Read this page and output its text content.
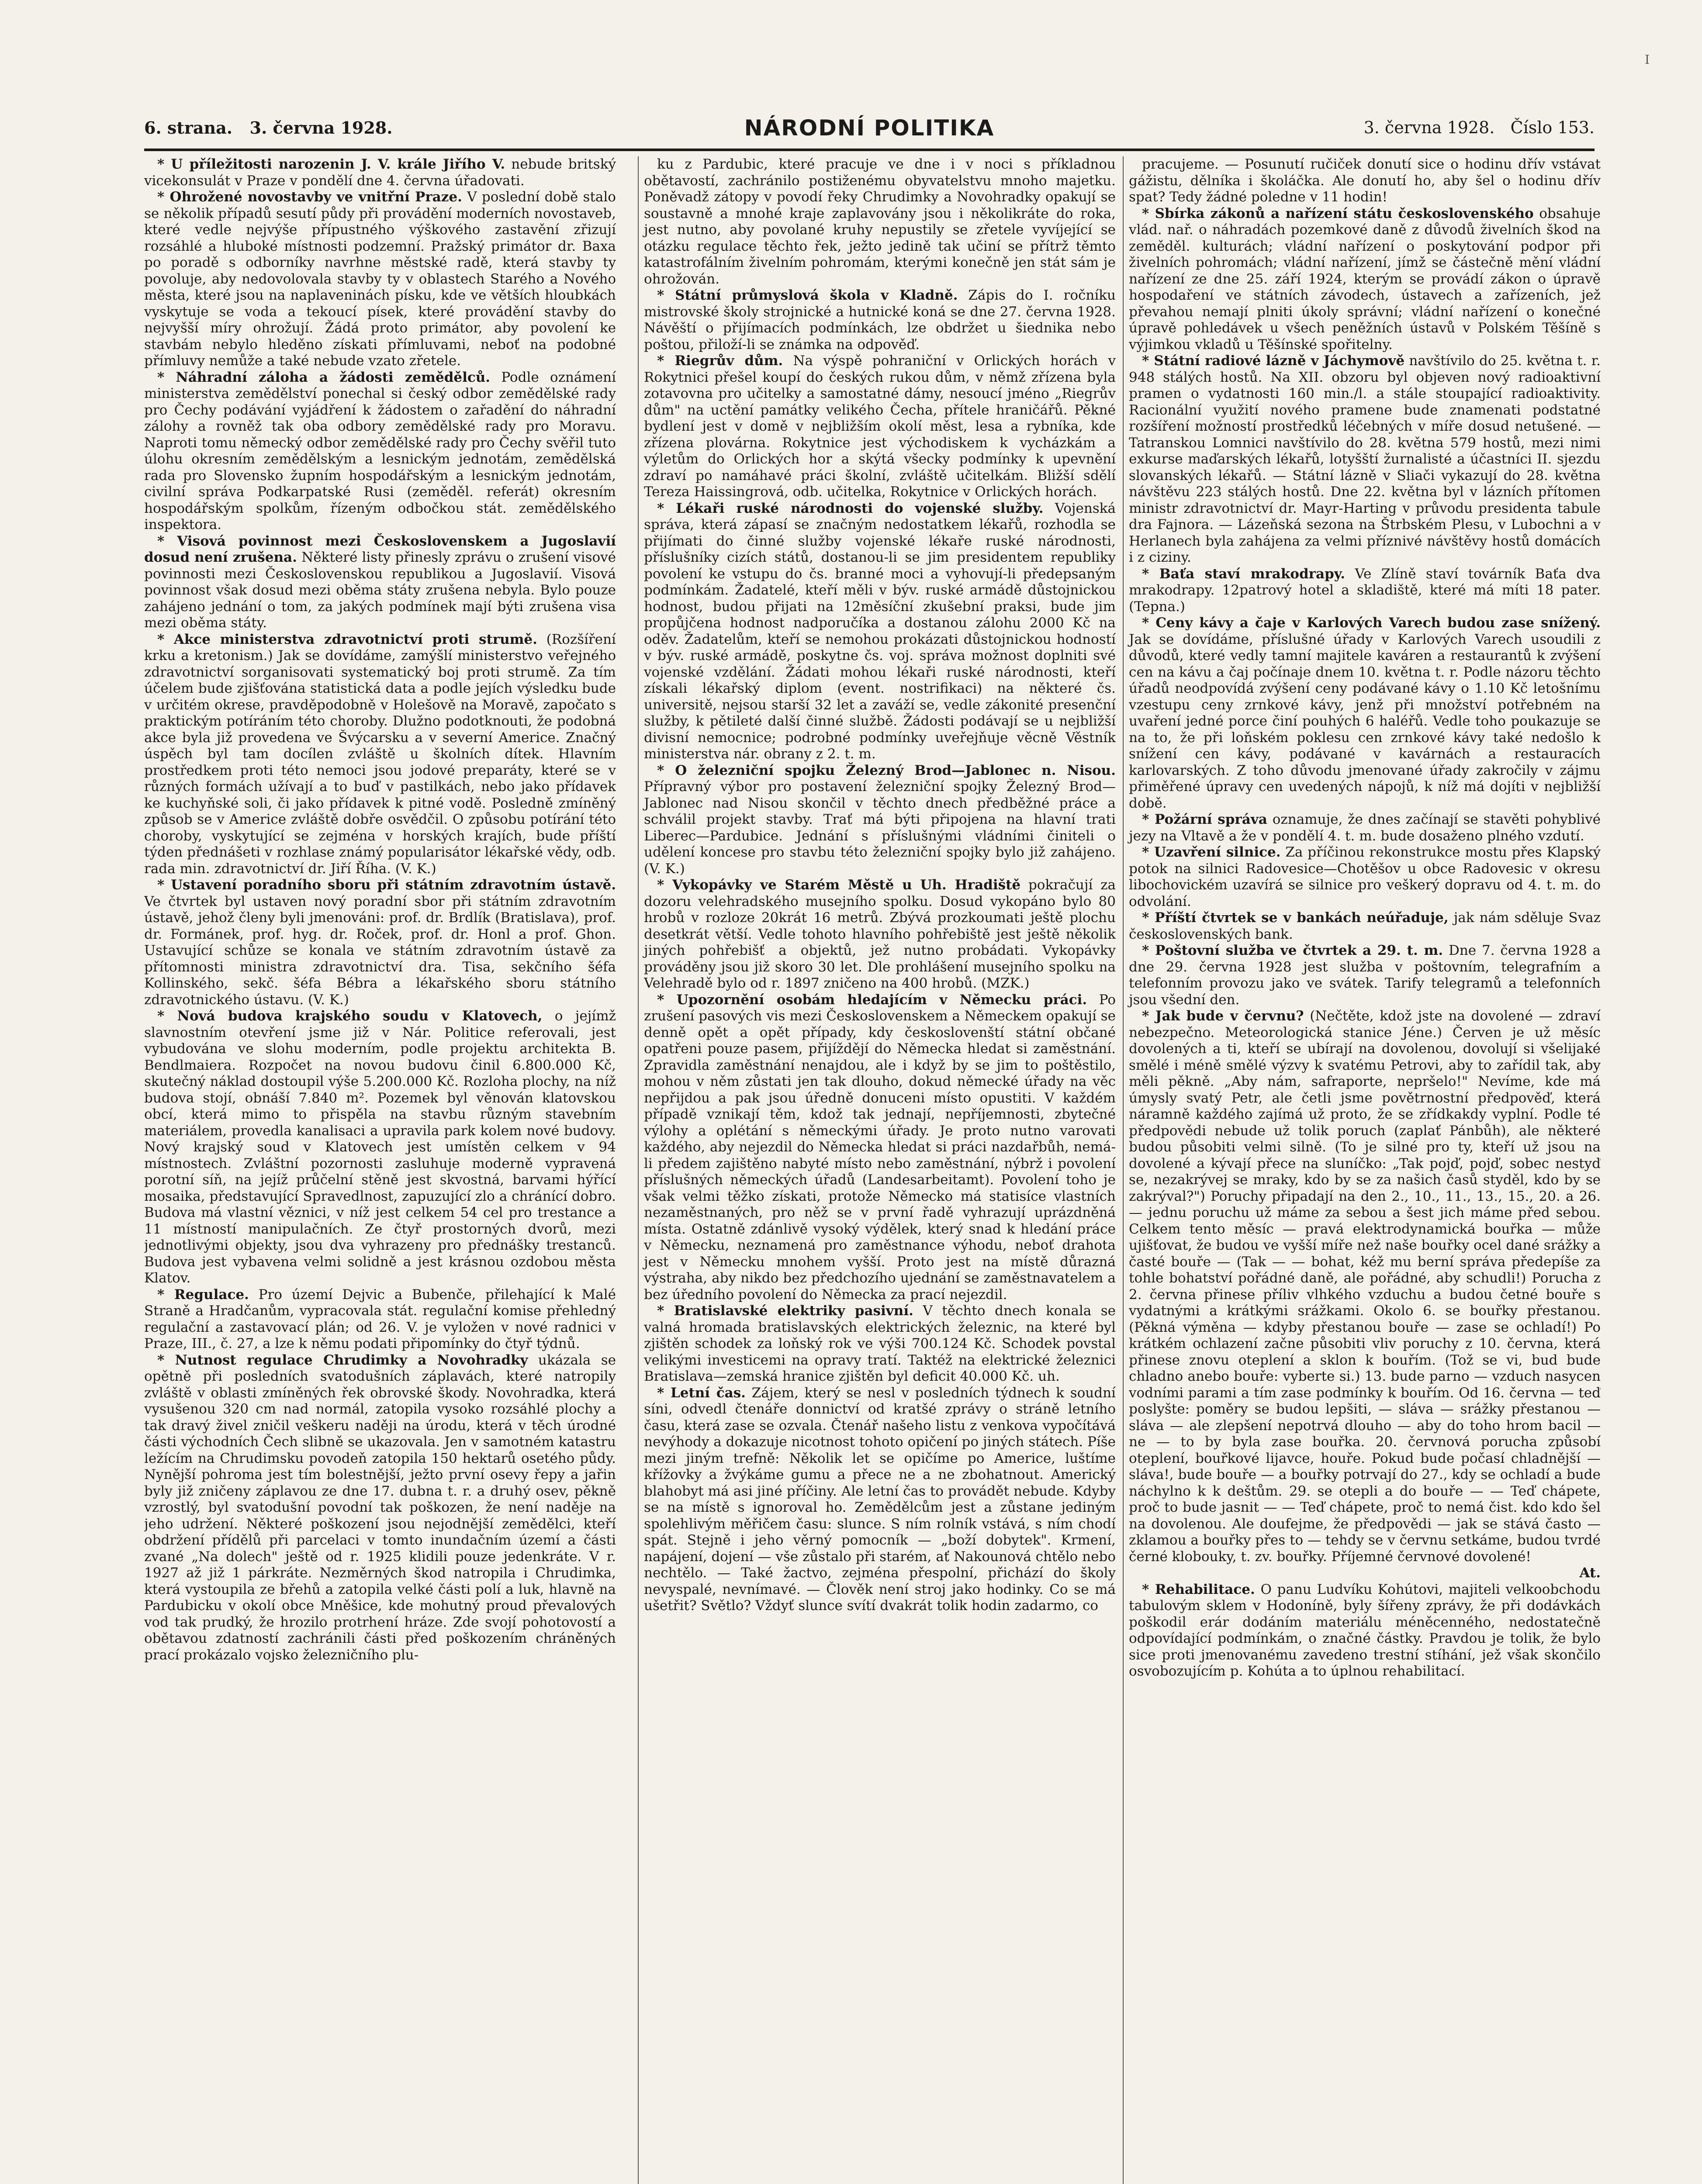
I
6. strana.   3. června 1928.	NÁRODNÍ POLITIKA	3. června 1928.   Číslo 153.

* U příležitosti narozenin J. V. krále Jiřího V. nebude britský vicekonsulát v Praze v pondělí dne 4. června úřadovati.

* Ohrožené novostavby ve vnitřní Praze. V poslední době stalo se několik případů sesutí půdy při provádění moderních novostaveb, které vedle nejvýše přípustného výškového zastavění zřizují rozsáhlé a hluboké místnosti podzemní. Pražský primátor dr. Baxa po poradě s odborníky navrhne městské radě, která stavby ty povoluje, aby nedovolovala stavby ty v oblastech Starého a Nového města, které jsou na naplaveninách písku, kde ve větších hloubkách vyskytuje se voda a tekoucí písek, které provádění stavby do nejvyšší míry ohrožují. Žádá proto primátor, aby povolení ke stavbám nebylo hleděno získati přímluvami, neboť na podobné přímluvy nemůže a také nebude vzato zřetele.

* Náhradní záloha a žádosti zemědělců. Podle oznámení ministerstva zemědělství ponechal si český odbor zemědělské rady pro Čechy podávání vyjádření k žádostem o zařadění do náhradní zálohy a rovněž tak oba odbory zemědělské rady pro Moravu. Naproti tomu německý odbor zemědělské rady pro Čechy svěřil tuto úlohu okresním zemědělským a lesnickým jednotám, zemědělská rada pro Slovensko župním hospodářským a lesnickým jednotám, civilní správa Podkarpatské Rusi (zeměděl. referát) okresním hospodářským spolkům, řízeným odbočkou stát. zemědělského inspektora.

* Visová povinnost mezi Československem a Jugoslavií dosud není zrušena. Některé listy přinesly zprávu o zrušení visové povinnosti mezi Československou republikou a Jugoslavií. Visová povinnost však dosud mezi oběma státy zrušena nebyla. Bylo pouze zahájeno jednání o tom, za jakých podmínek mají býti zrušena visa mezi oběma státy.

* Akce ministerstva zdravotnictví proti strumě. (Rozšíření krku a kretonism.) Jak se dovídáme, zamýšlí ministerstvo veřejného zdravotnictví sorganisovati systematický boj proti strumě. Za tím účelem bude zjišťována statistická data a podle jejích výsledku bude v určitém okrese, pravděpodobně v Holešově na Moravě, započato s praktickým potíráním této choroby. Dlužno podotknouti, že podobná akce byla již provedena ve Švýcarsku a v severní Americe. Značný úspěch byl tam docílen zvláště u školních dítek. Hlavním prostředkem proti této nemoci jsou jodové preparáty, které se v různých formách užívají a to buď v pastilkách, nebo jako přídavek ke kuchyňské soli, či jako přídavek k pitné vodě. Posledně zmíněný způsob se v Americe zvláště dobře osvědčil. O způsobu potírání této choroby, vyskytující se zejména v horských krajích, bude příští týden přednášeti v rozhlase známý popularisátor lékařské vědy, odb. rada min. zdravotnictví dr. Jiří Říha. (V. K.)

* Ustavení poradního sboru při státním zdravotním ústavě. Ve čtvrtek byl ustaven nový poradní sbor při státním zdravotním ústavě, jehož členy byli jmenováni: prof. dr. Brdlík (Bratislava), prof. dr. Formánek, prof. hyg. dr. Roček, prof. dr. Honl a prof. Ghon. Ustavující schůze se konala ve státním zdravotním ústavě za přítomnosti ministra zdravotnictví dra. Tisa, sekčního šéfa Kollinského, sekč. šéfa Bébra a lékařského sboru státního zdravotnického ústavu. (V. K.)

* Nová budova krajského soudu v Klatovech, o jejímž slavnostním otevření jsme již v Nár. Politice referovali, jest vybudována ve slohu moderním, podle projektu architekta B. Bendlmaiera. Rozpočet na novou budovu činil 6.800.000 Kč, skutečný náklad dostoupil výše 5.200.000 Kč. Rozloha plochy, na níž budova stojí, obnáší 7.840 m². Pozemek byl věnován klatovskou obcí, která mimo to přispěla na stavbu různým stavebním materiálem, provedla kanalisaci a upravila park kolem nové budovy. Nový krajský soud v Klatovech jest umístěn celkem v 94 místnostech. Zvláštní pozornosti zasluhuje moderně vypravená porotní síň, na jejíž průčelní stěně jest skvostná, barvami hýřící mosaika, představující Spravedlnost, zapuzující zlo a chránící dobro. Budova má vlastní věznici, v níž jest celkem 54 cel pro trestance a 11 místností manipulačních. Ze čtyř prostorných dvorů, mezi jednotlivými objekty, jsou dva vyhrazeny pro přednášky trestanců. Budova jest vybavena velmi solidně a jest krásnou ozdobou města Klatov.

* Regulace. Pro území Dejvic a Bubenče, přilehající k Malé Straně a Hradčanům, vypracovala stát. regulační komise přehledný regulační a zastavovací plán; od 26. V. je vyložen v nové radnici v Praze, III., č. 27, a lze k němu podati připomínky do čtyř týdnů.

* Nutnost regulace Chrudimky a Novohradky ukázala se opětně při posledních svatodušních záplavách, které natropily zvláště v oblasti zmíněných řek obrovské škody. Novohradka, která vysušenou 320 cm nad normál, zatopila vysoko rozsáhlé plochy a tak dravý živel zničil veškeru naději na úrodu, která v těch úrodné části východních Čech slibně se ukazovala. Jen v samotném katastru ležícím na Chrudimsku povodeň zatopila 150 hektarů osetého půdy. Nynější pohroma jest tím bolestnější, ježto první osevy řepy a jařin byly již zničeny záplavou ze dne 17. dubna t. r. a druhý osev, pěkně vzrostlý, byl svatodušní povodní tak poškozen, že není naděje na jeho udržení. Některé poškození jsou nejodnější zemědělci, kteří obdržení přídělů při parcelaci v tomto inundačním území a části zvané „Na dolech" ještě od r. 1925 klidili pouze jedenkráte. V r. 1927 až již 1 párkráte. Nezměrných škod natropila i Chrudimka, která vystoupila ze břehů a zatopila velké části polí a luk, hlavně na Pardubicku v okolí obce Mněšice, kde mohutný proud převalových vod tak prudký, že hrozilo protrhení hráze. Zde svojí pohotovostí a obětavou zdatností zachránili části před poškozením chráněných prací prokázalo vojsko železničního plu-

ku z Pardubic, které pracuje ve dne i v noci s příkladnou obětavostí, zachránilo postiženému obyvatelstvu mnoho majetku. Poněvadž zátopy v povodí řeky Chrudimky a Novohradky opakují se soustavně a mnohé kraje zaplavovány jsou i několikráte do roka, jest nutno, aby povolané kruhy nepustily se zřetele vyvíjející se otázku regulace těchto řek, ježto jedině tak učiní se přítrž těmto katastrofálním živelním pohromám, kterými konečně jen stát sám je ohrožován.

* Státní průmyslová škola v Kladně. Zápis do I. ročníku mistrovské školy strojnické a hutnické koná se dne 27. června 1928. Návěští o přijímacích podmínkách, lze obdržet u šiednika nebo poštou, přiloží-li se známka na odpověď.

* Riegrův dům. Na výspě pohraniční v Orlických horách v Rokytnici přešel koupí do českých rukou dům, v němž zřízena byla zotavovna pro učitelky a samostatné dámy, nesoucí jméno „Riegrův dům" na uctění památky velikého Čecha, přítele hraničářů. Pěkné bydlení jest v domě v nejbližším okolí měst, lesa a rybníka, kde zřízena plovárna. Rokytnice jest východiskem k vycházkám a výletům do Orlických hor a skýtá všecky podmínky k upevnění zdraví po namáhavé práci školní, zvláště učitelkám. Bližší sdělí Tereza Haissingrová, odb. učitelka, Rokytnice v Orlických horách.

* Lékaři ruské národnosti do vojenské služby. Vojenská správa, která zápasí se značným nedostatkem lékařů, rozhodla se přijímati do činné služby vojenské lékaře ruské národnosti, příslušníky cizích států, dostanou-li se jim presidentem republiky povolení ke vstupu do čs. branné moci a vyhovují-li předepsaným podmínkám. Žadatelé, kteří měli v býv. ruské armádě důstojnickou hodnost, budou přijati na 12měsíční zkušební praksi, bude jim propůjčena hodnost nadporučíka a dostanou zálohu 2000 Kč na oděv. Žadatelům, kteří se nemohou prokázati důstojnickou hodností v býv. ruské armádě, poskytne čs. voj. správa možnost doplniti své vojenské vzdělání. Žádati mohou lékaři ruské národnosti, kteří získali lékařský diplom (event. nostrifikaci) na některé čs. universitě, nejsou starší 32 let a zaváží se, vedle zákonité presenční služby, k pětileté další činné službě. Žádosti podávají se u nejbližší divisní nemocnice; podrobné podmínky uveřejňuje věcně Věstník ministerstva nár. obrany z 2. t. m.

* O železniční spojku Železný Brod—Jablonec n. Nisou. Přípravný výbor pro postavení železniční spojky Železný Brod—Jablonec nad Nisou skončil v těchto dnech předběžné práce a schválil projekt stavby. Trať má býti připojena na hlavní trati Liberec—Pardubice. Jednání s příslušnými vládními činiteli o udělení koncese pro stavbu této železniční spojky bylo již zahájeno. (V. K.)

* Vykopávky ve Starém Městě u Uh. Hradiště pokračují za dozoru velehradského musejního spolku. Dosud vykopáno bylo 80 hrobů v rozloze 20krát 16 metrů. Zbývá prozkoumati ještě plochu desetkrát větší. Vedle tohoto hlavního pohřebiště jest ještě několik jiných pohřebišť a objektů, jež nutno probádati. Vykopávky prováděny jsou již skoro 30 let. Dle prohlášení musejního spolku na Velehradě bylo od r. 1897 zničeno na 400 hrobů. (MZK.)

* Upozornění osobám hledajícím v Německu práci. Po zrušení pasových vis mezi Československem a Německem opakují se denně opět a opět případy, kdy českoslovenští státní občané opatřeni pouze pasem, přijíždějí do Německa hledat si zaměstnání. Zpravidla zaměstnání nenajdou, ale i když by se jim to poštěstilo, mohou v něm zůstati jen tak dlouho, dokud německé úřady na věc nepřijdou a pak jsou úředně donuceni místo opustiti. V každém případě vznikají těm, kdož tak jednají, nepříjemnosti, zbytečné výlohy a oplétání s německými úřady. Je proto nutno varovati každého, aby nejezdil do Německa hledat si práci nazdařbůh, nemá-li předem zajištěno nabyté místo nebo zaměstnání, nýbrž i povolení příslušných německých úřadů (Landesarbeitamt). Povolení toho je však velmi těžko získati, protože Německo má statisíce vlastních nezaměstnaných, pro něž se v první řadě vyhrazují uprázdněná místa. Ostatně zdánlivě vysoký výdělek, který snad k hledání práce v Německu, neznamená pro zaměstnance výhodu, neboť drahota jest v Německu mnohem vyšší. Proto jest na místě důrazná výstraha, aby nikdo bez předchozího ujednání se zaměstnavatelem a bez úředního povolení do Německa za prací nejezdil.

* Bratislavské elektriky pasivní. V těchto dnech konala se valná hromada bratislavských elektrických železnic, na které byl zjištěn schodek za loňský rok ve výši 700.124 Kč. Schodek povstal velikými investicemi na opravy tratí. Taktéž na elektrické železnici Bratislava—zemská hranice zjištěn byl deficit 40.000 Kč. uh.

* Letní čas. Zájem, který se nesl v posledních týdnech k soudní síni, odvedl čtenáře donnictví od kratšé zprávy o stráně letního času, která zase se ozvala. Čtenář našeho listu z venkova vypočítává nevýhody a dokazuje nicotnost tohoto opičení po jiných státech. Píše mezi jiným trefně: Několik let se opičíme po Americe, luštíme křížovky a žvýkáme gumu a přece ne a ne zbohatnout. Americký blahobyt má asi jiné příčiny. Ale letní čas to provádět nebude. Kdyby se na místě s ignoroval ho. Zemědělcům jest a zůstane jediným spolehlivým měřičem času: slunce. S ním rolník vstává, s ním chodí spát. Stejně i jeho věrný pomocník — „boží dobytek". Krmení, napájení, dojení — vše zůstalo při starém, ať Nakounová chtělo nebo nechtělo. — Také žactvo, zejména přespolní, přichází do školy nevyspalé, nevnímavé. — Člověk není stroj jako hodinky. Co se má ušetřit? Světlo? Vždyť slunce svítí dvakrát tolik hodin zadarmo, co

pracujeme. — Posunutí ručiček donutí sice o hodinu dřív vstávat gážistu, dělníka i školáčka. Ale donutí ho, aby šel o hodinu dřív spat? Tedy žádné poledne v 11 hodin!

* Sbírka zákonů a nařízení státu československého obsahuje vlád. nař. o náhradách pozemkové daně z důvodů živelních škod na zeměděl. kulturách; vládní nařízení o poskytování podpor při živelních pohromách; vládní nařízení, jímž se částečně mění vládní nařízení ze dne 25. září 1924, kterým se provádí zákon o úpravě hospodaření ve státních závodech, ústavech a zařízeních, jež převahou nemají plniti úkoly správní; vládní nařízení o konečné úpravě pohledávek u všech peněžních ústavů v Polském Těšíně s výjimkou vkladů u Těšínské spořitelny.

* Státní radiové lázně v Jáchymově navštívilo do 25. května t. r. 948 stálých hostů. Na XII. obzoru byl objeven nový radioaktivní pramen o vydatnosti 160 min./l. a stále stoupající radioaktivity. Racionální využití nového pramene bude znamenati podstatné rozšíření možností prostředků léčebných v míře dosud netušené. — Tatranskou Lomnici navštívilo do 28. května 579 hostů, mezi nimi exkurse maďarských lékařů, lotyšští žurnalisté a účastníci II. sjezdu slovanských lékařů. — Státní lázně v Sliači vykazují do 28. května návštěvu 223 stálých hostů. Dne 22. května byl v lázních přítomen ministr zdravotnictví dr. Mayr-Harting v průvodu presidenta tabule dra Fajnora. — Lázeňská sezona na Štrbském Plesu, v Lubochni a v Herlanech byla zahájena za velmi příznivé návštěvy hostů domácích i z ciziny.

* Baťa staví mrakodrapy. Ve Zlíně staví továrník Baťa dva mrakodrapy. 12patrový hotel a skladiště, které má míti 18 pater. (Tepna.)

* Ceny kávy a čaje v Karlových Varech budou zase snížený. Jak se dovídáme, příslušné úřady v Karlových Varech usoudili z důvodů, které vedly tamní majitele kaváren a restaurantů k zvýšení cen na kávu a čaj počínaje dnem 10. května t. r. Podle názoru těchto úřadů neodpovídá zvýšení ceny podávané kávy o 1.10 Kč letošnímu vzestupu ceny zrnkové kávy, jenž při množství potřebném na uvaření jedné porce činí pouhých 6 haléřů. Vedle toho poukazuje se na to, že při loňském poklesu cen zrnkové kávy také nedošlo k snížení cen kávy, podávané v kavárnách a restauracích karlovarských. Z toho důvodu jmenované úřady zakročily v zájmu přiměřené úpravy cen uvedených nápojů, k níž má dojíti v nejbližší době.

* Požární správa oznamuje, že dnes začínají se stavěti pohyblivé jezy na Vltavě a že v pondělí 4. t. m. bude dosaženo plného vzdutí.

* Uzavření silnice. Za příčinou rekonstrukce mostu přes Klapský potok na silnici Radovesice—Chotěšov u obce Radovesic v okresu libochovickém uzavírá se silnice pro veškerý dopravu od 4. t. m. do odvolání.

* Příští čtvrtek se v bankách neúřaduje, jak nám sděluje Svaz československých bank.

* Poštovní služba ve čtvrtek a 29. t. m. Dne 7. června 1928 a dne 29. června 1928 jest služba v poštovním, telegrafním a telefonním provozu jako ve svátek. Tarify telegramů a telefonních jsou všední den.

* Jak bude v červnu? (Nečtěte, kdož jste na dovolené — zdraví nebezpečno. Meteorologická stanice Jéne.) Červen je už měsíc dovolených a ti, kteří se ubírají na dovolenou, dovolují si všelijaké smělé i méně smělé výzvy k svatému Petrovi, aby to zařídil tak, aby měli pěkně. „Aby nám, safraporte, nepršelo!" Nevíme, kde má úmysly svatý Petr, ale četli jsme povětrnostní předpověď, která náramně každého zajímá už proto, že se zřídkakdy vyplní. Podle té předpovědi nebude už tolik poruch (zaplať Pánbůh), ale některé budou působiti velmi silně. (To je silné pro ty, kteří už jsou na dovolené a kývají přece na sluníčko: „Tak pojď, pojď, sobec nestyď se, nezakrývej se mraky, kdo by se za našich časů styděl, kdo by se zakrýval?") Poruchy připadají na den 2., 10., 11., 13., 15., 20. a 26. — jednu poruchu už máme za sebou a šest jich máme před sebou. Celkem tento měsíc — pravá elektrodynamická bouřka — může ujišťovat, že budou ve vyšší míře než naše bouřky ocel dané srážky a časté bouře — (Tak — — bohat, kéž mu berní správa předepíše za tohle bohatství pořádné daně, ale pořádné, aby schudli!) Porucha z 2. června přinese příliv vlhkého vzduchu a budou četné bouře s vydatnými a krátkými srážkami. Okolo 6. se bouřky přestanou. (Pěkná výměna — kdyby přestanou bouře — zase se ochladí!) Po krátkém ochlazení začne působiti vliv poruchy z 10. června, která přinese znovu oteplení a sklon k bouřím. (Tož se vi, bud bude chladno anebo bouře: vyberte si.) 13. bude parno — vzduch nasycen vodními parami a tím zase podmínky k bouřím. Od 16. června — teď poslyšte: poměry se budou lepšiti, — sláva — srážky přestanou — sláva — ale zlepšení nepotrvá dlouho — aby do toho hrom bacil — ne — to by byla zase bouřka. 20. červnová porucha způsobí oteplení, bouřkové lijavce, houře. Pokud bude počasí chladnější — sláva!, bude bouře — a bouřky potrvají do 27., kdy se ochladí a bude náchylno k k deštům. 29. se otepli a do bouře — — Teď chápete, proč to bude jasnit — — Teď chápete, proč to nemá čist. kdo kdo šel na dovolenou. Ale doufejme, že předpovědi — jak se stává často — zklamou a bouřky přes to — tehdy se v červnu setkáme, budou tvrdé černé klobouky, t. zv. bouřky. Příjemné červnové dovolené!

At.

* Rehabilitace. O panu Ludvíku Kohútovi, majiteli velkoobchodu tabulovým sklem v Hodoníně, byly šířeny zprávy, že při dodávkách poškodil erár dodáním materiálu méněcenného, nedostatečně odpovídající podmínkám, o značné částky. Pravdou je tolik, že bylo sice proti jmenovanému zavedeno trestní stíhání, jež však skončilo osvobozujícím p. Kohúta a to úplnou rehabilitací.
